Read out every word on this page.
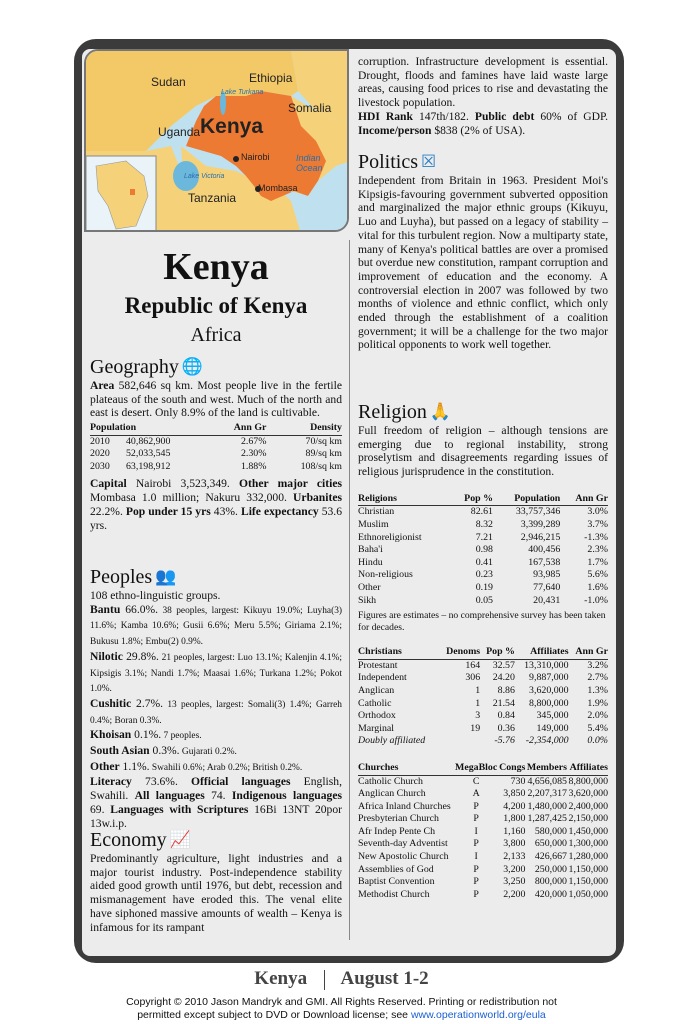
Sudan	Ethiopia
Lake Turkana
Somalia
Uganda Kenya
Nairobi	Indian
Ocean
Lake Victoria
Mombasa
Tanzania
Kenya
Republic of Kenya
Africa
Geography 🌐

Area 582,646 sq km. Most people live in the fertile plateaus of the south and west. Much of the north and east is desert. Only 8.9% of the land is cultivable.

Population		Ann Gr	Density
2010	40,862,900	2.67%	70/sq km
2020	52,033,545	2.30%	89/sq km
2030	63,198,912	1.88%	108/sq km

Capital Nairobi 3,523,349. Other major cities Mombasa 1.0 million; Nakuru 332,000. Urbanites 22.2%. Pop under 15 yrs 43%. Life expectancy 53.6 yrs.

Peoples 👥

108 ethno-linguistic groups.

Bantu 66.0%. 38 peoples, largest: Kikuyu 19.0%; Luyha(3) 11.6%; Kamba 10.6%; Gusii 6.6%; Meru 5.5%; Giriama 2.1%; Bukusu 1.8%; Embu(2) 0.9%.

Nilotic 29.8%. 21 peoples, largest: Luo 13.1%; Kalenjin 4.1%; Kipsigis 3.1%; Nandi 1.7%; Maasai 1.6%; Turkana 1.2%; Pokot 1.0%.

Cushitic 2.7%. 13 peoples, largest: Somali(3) 1.4%; Garreh 0.4%; Boran 0.3%.

Khoisan 0.1%. 7 peoples.

South Asian 0.3%. Gujarati 0.2%.

Other 1.1%. Swahili 0.6%; Arab 0.2%; British 0.2%.

Literacy 73.6%. Official languages English, Swahili. All languages 74. Indigenous languages 69. Languages with Scriptures 16Bi 13NT 20por 13w.i.p.

Economy 📈

Predominantly agriculture, light industries and a major tourist industry. Post-independence stability aided good growth until 1976, but debt, recession and mismanagement have eroded this. The venal elite have siphoned massive amounts of wealth – Kenya is infamous for its rampant

corruption. Infrastructure development is essential. Drought, floods and famines have laid waste large areas, causing food prices to rise and devastating the livestock population.

HDI Rank 147th/182. Public debt 60% of GDP. Income/person $838 (2% of USA).

Politics ☒

Independent from Britain in 1963. President Moi's Kipsigis-favouring government subverted opposition and marginalized the major ethnic groups (Kikuyu, Luo and Luyha), but passed on a legacy of stability – vital for this turbulent region. Now a multiparty state, many of Kenya's political battles are over a promised but overdue new constitution, rampant corruption and improvement of education and the economy. A controversial election in 2007 was followed by two months of violence and ethnic conflict, which only ended through the establishment of a coalition government; it will be a challenge for the two major political opponents to work well together.

Religion 🙏

Full freedom of religion – although tensions are emerging due to regional instability, strong proselytism and disagreements regarding issues of religious jurisprudence in the constitution.

Religions	Pop %	Population	Ann Gr
Christian	82.61	33,757,346	3.0%
Muslim	8.32	3,399,289	3.7%
Ethnoreligionist	7.21	2,946,215	-1.3%
Baha'i	0.98	400,456	2.3%
Hindu	0.41	167,538	1.7%
Non-religious	0.23	93,985	5.6%
Other	0.19	77,640	1.6%
Sikh	0.05	20,431	-1.0%

Figures are estimates – no comprehensive survey has been taken for decades.

Christians	Denoms	Pop %	Affiliates	Ann Gr
Protestant	164	32.57	13,310,000	3.2%
Independent	306	24.20	9,887,000	2.7%
Anglican	1	8.86	3,620,000	1.3%
Catholic	1	21.54	8,800,000	1.9%
Orthodox	3	0.84	345,000	2.0%
Marginal	19	0.36	149,000	5.4%
Doubly affiliated		-5.76	-2,354,000	0.0%
Churches	MegaBloc	Congs	Members	Affiliates
Catholic Church	C	730	4,656,085	8,800,000
Anglican Church	A	3,850	2,207,317	3,620,000
Africa Inland Churches	P	4,200	1,480,000	2,400,000
Presbyterian Church	P	1,800	1,287,425	2,150,000
Afr Indep Pente Ch	I	1,160	580,000	1,450,000
Seventh-day Adventist	P	3,800	650,000	1,300,000
New Apostolic Church	I	2,133	426,667	1,280,000
Assemblies of God	P	3,200	250,000	1,150,000
Baptist Convention	P	3,250	800,000	1,150,000
Methodist Church	P	2,200	420,000	1,050,000
Kenya August 1-2
Copyright © 2010 Jason Mandryk and GMI. All Rights Reserved. Printing or redistribution not
permitted except subject to DVD or Download license; see www.operationworld.org/eula
